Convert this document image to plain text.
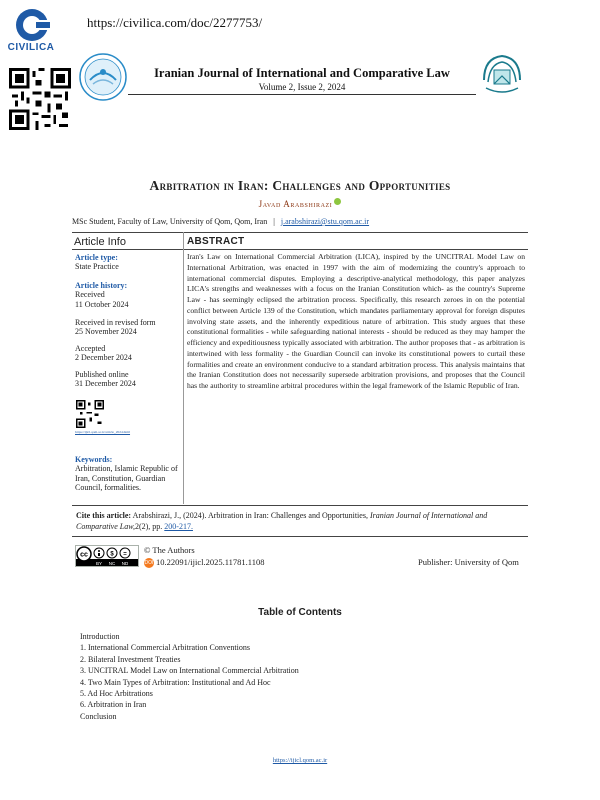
CIVILICA
https://civilica.com/doc/2277753/
Iranian Journal of International and Comparative Law
Volume 2, Issue 2, 2024
Arbitration in Iran: Challenges and Opportunities
Javad Arabshirazi
MSc Student, Faculty of Law, University of Qom, Qom, Iran | j.arabshirazi@stu.qom.ac.ir
Article Info	ABSTRACT
Article type:
State Practice
Article history:
Received
11 October 2024
Received in revised form
25 November 2024
Accepted
2 December 2024
Published online
31 December 2024
https://ijicl.qom.ac.ir/article_2024.html
Keywords:
Arbitration, Islamic Republic of Iran, Constitution, Guardian Council, formalities.
Iran's Law on International Commercial Arbitration (LICA), inspired by the UNCITRAL Model Law on International Arbitration, was enacted in 1997 with the aim of modernizing the country's approach to international commercial disputes. Employing a descriptive-analytical methodology, this paper analyzes LICA's strengths and weaknesses with a focus on the Iranian Constitution which- as the country's Supreme Law - has seemingly eclipsed the arbitration process. Specifically, this research zeroes in on the potential conflict between Article 139 of the Constitution, which mandates parliamentary approval for foreign disputes involving state assets, and the inherently expeditious nature of arbitration. This study argues that these constitutional formalities - while safeguarding national interests - should be reduced as they may hamper the efficiency and expeditiousness typically associated with arbitration. The author proposes that - as arbitration is intertwined with less formality - the Guardian Council can invoke its constitutional powers to curtail these formalities and create an environment conducive to a standard arbitration process. This analysis maintains that the Iranian Constitution does not necessarily supersede arbitration provisions, and proposes that the Council has the authority to streamline arbitral procedures within the legal framework of the Islamic Republic of Iran.
Cite this article: Arabshirazi, J., (2024). Arbitration in Iran: Challenges and Opportunities, Iranian Journal of International and Comparative Law,2(2), pp. 200-217.
cc	$ =
BY NC ND
© The Authors
DOI 10.22091/ijicl.2025.11781.1108	Publisher: University of Qom
Table of Contents
Introduction
1. International Commercial Arbitration Conventions
2. Bilateral Investment Treaties
3. UNCITRAL Model Law on International Commercial Arbitration
4. Two Main Types of Arbitration: Institutional and Ad Hoc
5. Ad Hoc Arbitrations
6. Arbitration in Iran
Conclusion
https://ijicl.qom.ac.ir
